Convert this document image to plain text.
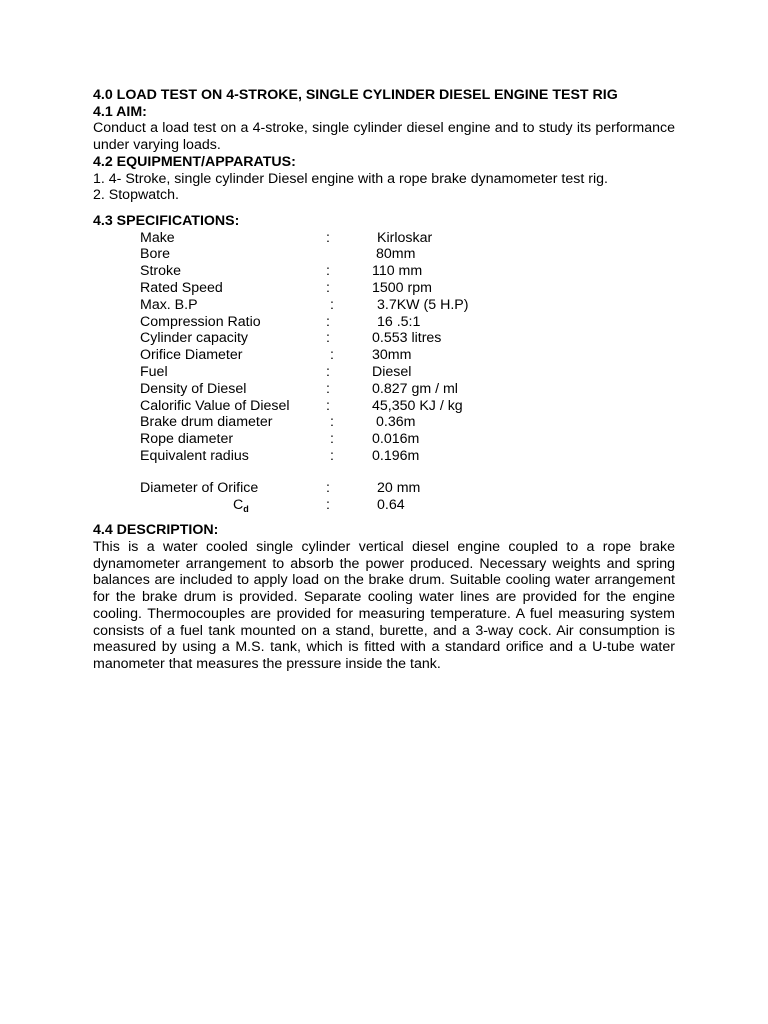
4.0 LOAD TEST ON 4-STROKE, SINGLE CYLINDER DIESEL ENGINE TEST RIG

4.1 AIM:

Conduct a load test on a 4-stroke, single cylinder diesel engine and to study its performance under varying loads.

4.2 EQUIPMENT/APPARATUS:

1. 4- Stroke, single cylinder Diesel engine with a rope brake dynamometer test rig.

2. Stopwatch.

4.3 SPECIFICATIONS:

Make	:	Kirloskar
Bore	80mm
Stroke	:	110 mm
Rated Speed	:	1500 rpm
Max. B.P	:	3.7KW (5 H.P)
Compression Ratio	:	16 .5:1
Cylinder capacity	:	0.553 litres
Orifice Diameter	:	30mm
Fuel	:	Diesel
Density of Diesel	:	0.827 gm / ml
Calorific Value of Diesel	:	45,350 KJ / kg
Brake drum diameter	:	0.36m
Rope diameter	:	0.016m
Equivalent radius	:	0.196m
Diameter of Orifice	:	20 mm
$C_d$	:	0.64

4.4 DESCRIPTION:

This is a water cooled single cylinder vertical diesel engine coupled to a rope brake dynamometer arrangement to absorb the power produced. Necessary weights and spring balances are included to apply load on the brake drum. Suitable cooling water arrangement for the brake drum is provided. Separate cooling water lines are provided for the engine cooling. Thermocouples are provided for measuring temperature. A fuel measuring system consists of a fuel tank mounted on a stand, burette, and a 3-way cock. Air consumption is measured by using a M.S. tank, which is fitted with a standard orifice and a U-tube water manometer that measures the pressure inside the tank.
